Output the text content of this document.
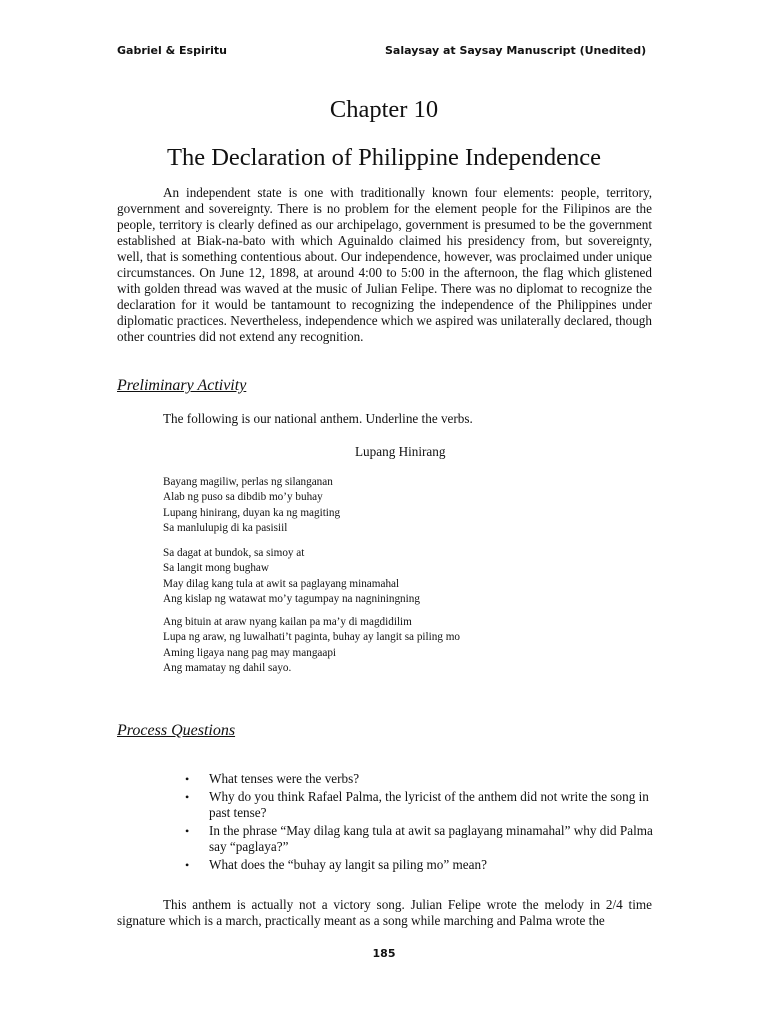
Gabriel & Espiritu	Salaysay at Saysay Manuscript (Unedited)
Chapter 10
The Declaration of Philippine Independence

An independent state is one with traditionally known four elements: people, territory, government and sovereignty. There is no problem for the element people for the Filipinos are the people, territory is clearly defined as our archipelago, government is presumed to be the government established at Biak-na-bato with which Aguinaldo claimed his presidency from, but sovereignty, well, that is something contentious about. Our independence, however, was proclaimed under unique circumstances. On June 12, 1898, at around 4:00 to 5:00 in the afternoon, the flag which glistened with golden thread was waved at the music of Julian Felipe. There was no diplomat to recognize the declaration for it would be tantamount to recognizing the independence of the Philippines under diplomatic practices. Nevertheless, independence which we aspired was unilaterally declared, though other countries did not extend any recognition.

Preliminary Activity
The following is our national anthem. Underline the verbs.
Lupang Hinirang
Bayang magiliw, perlas ng silanganan
Alab ng puso sa dibdib mo’y buhay
Lupang hinirang, duyan ka ng magiting
Sa manlulupig di ka pasisiil
Sa dagat at bundok, sa simoy at
Sa langit mong bughaw
May dilag kang tula at awit sa paglayang minamahal
Ang kislap ng watawat mo’y tagumpay na nagniningning
Ang bituin at araw nyang kailan pa ma’y di magdidilim
Lupa ng araw, ng luwalhati’t paginta, buhay ay langit sa piling mo
Aming ligaya nang pag may mangaapi
Ang mamatay ng dahil sayo.
Process Questions
• What tenses were the verbs?
• Why do you think Rafael Palma, the lyricist of the anthem did not write the song in past tense?
• In the phrase “May dilag kang tula at awit sa paglayang minamahal” why did Palma say “paglaya?”
• What does the “buhay ay langit sa piling mo” mean?

This anthem is actually not a victory song. Julian Felipe wrote the melody in 2/4 time signature which is a march, practically meant as a song while marching and Palma wrote the

185
